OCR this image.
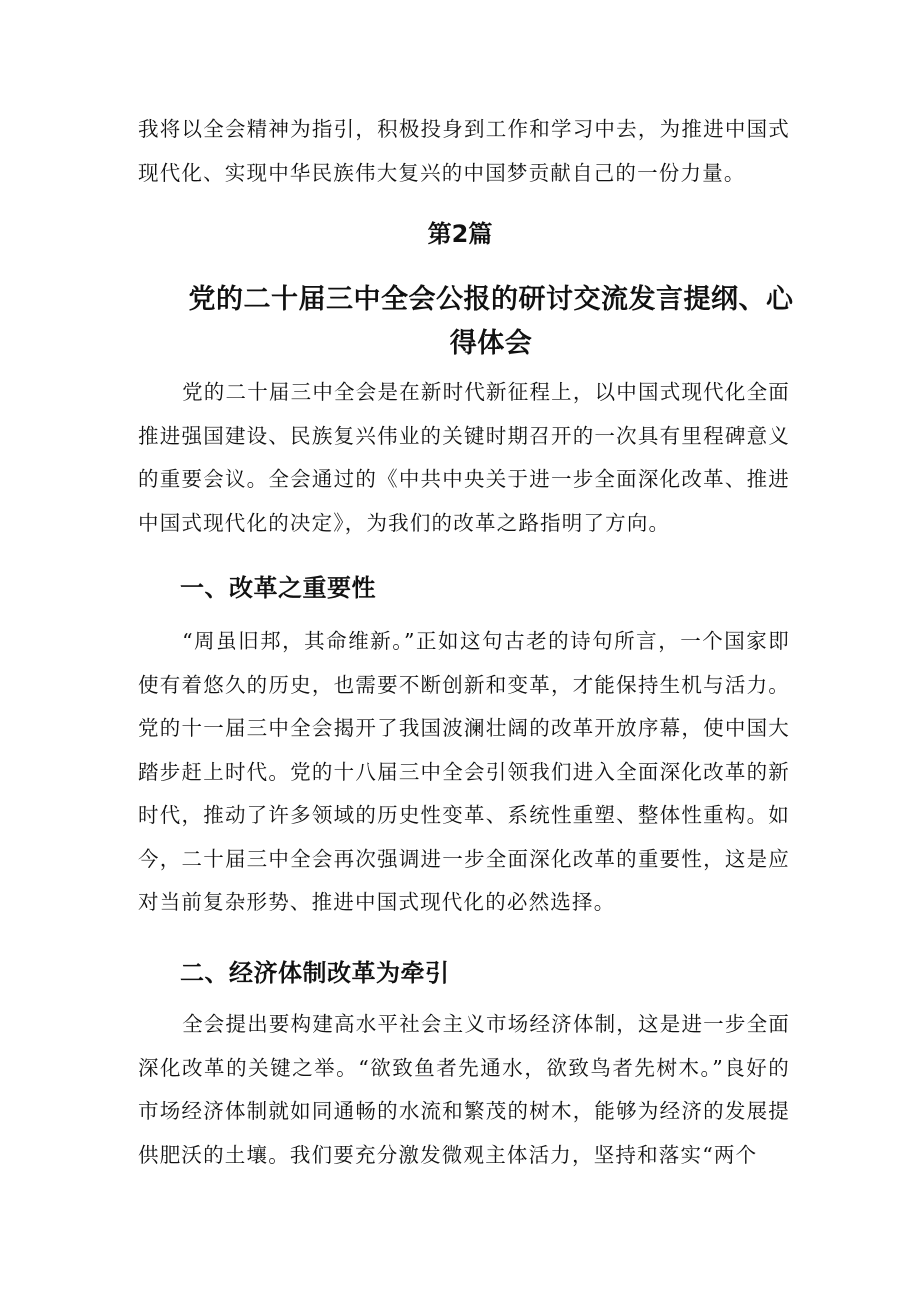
我将以全会精神为指引，积极投身到工作和学习中去，为推进中国式现代化、实现中华民族伟大复兴的中国梦贡献自己的一份力量。

第2篇
党的二十届三中全会公报的研讨交流发言提纲、心得体会

党的二十届三中全会是在新时代新征程上，以中国式现代化全面推进强国建设、民族复兴伟业的关键时期召开的一次具有里程碑意义的重要会议。全会通过的《中共中央关于进一步全面深化改革、推进中国式现代化的决定》，为我们的改革之路指明了方向。

一、改革之重要性

“周虽旧邦，其命维新。”正如这句古老的诗句所言，一个国家即使有着悠久的历史，也需要不断创新和变革，才能保持生机与活力。党的十一届三中全会揭开了我国波澜壮阔的改革开放序幕，使中国大踏步赶上时代。党的十八届三中全会引领我们进入全面深化改革的新时代，推动了许多领域的历史性变革、系统性重塑、整体性重构。如今，二十届三中全会再次强调进一步全面深化改革的重要性，这是应对当前复杂形势、推进中国式现代化的必然选择。

二、经济体制改革为牵引

全会提出要构建高水平社会主义市场经济体制，这是进一步全面深化改革的关键之举。“欲致鱼者先通水，欲致鸟者先树木。”良好的市场经济体制就如同通畅的水流和繁茂的树木，能够为经济的发展提供肥沃的土壤。我们要充分激发微观主体活力，坚持和落实“两个
